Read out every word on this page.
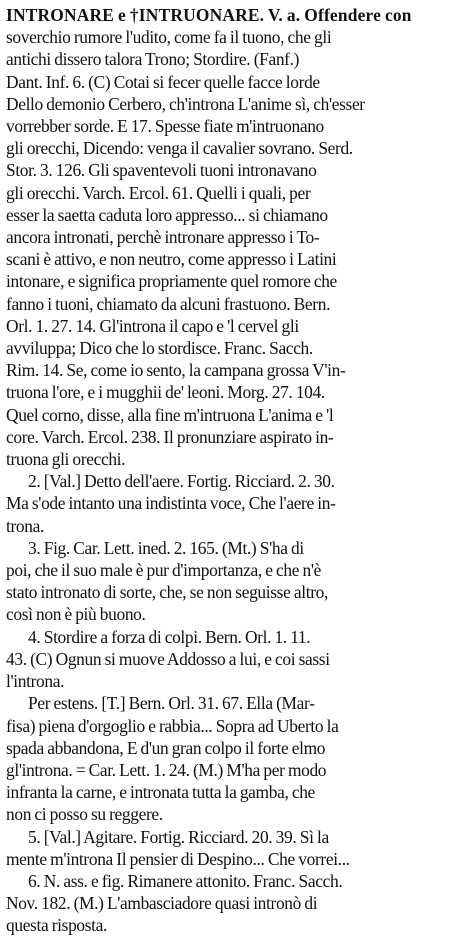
INTRONARE e †INTRUONARE. V. a. Offendere con
soverchio rumore l'udito, come fa il tuono, che gli
antichi dissero talora Trono; Stordire. (Fanf.)
Dant. Inf. 6. (C) Cotai si fecer quelle facce lorde
Dello demonio Cerbero, ch'introna L'anime sì, ch'esser
vorrebber sorde. E 17. Spesse fiate m'intruonano
gli orecchi, Dicendo: venga il cavalier sovrano. Serd.
Stor. 3. 126. Gli spaventevoli tuoni intronavano
gli orecchi. Varch. Ercol. 61. Quelli i quali, per
esser la saetta caduta loro appresso... si chiamano
ancora intronati, perchè intronare appresso i To-
scani è attivo, e non neutro, come appresso i Latini
intonare, e significa propriamente quel romore che
fanno i tuoni, chiamato da alcuni frastuono. Bern.
Orl. 1. 27. 14. Gl'introna il capo e 'l cervel gli
avviluppa; Dico che lo stordisce. Franc. Sacch.
Rim. 14. Se, come io sento, la campana grossa V'in-
truona l'ore, e i mugghii de' leoni. Morg. 27. 104.
Quel corno, disse, alla fine m'intruona L'anima e 'l
core. Varch. Ercol. 238. Il pronunziare aspirato in-
truona gli orecchi.
2. [Val.] Detto dell'aere. Fortig. Ricciard. 2. 30.
Ma s'ode intanto una indistinta voce, Che l'aere in-
trona.
3. Fig. Car. Lett. ined. 2. 165. (Mt.) S'ha di
poi, che il suo male è pur d'importanza, e che n'è
stato intronato di sorte, che, se non seguisse altro,
così non è più buono.
4. Stordire a forza di colpi. Bern. Orl. 1. 11.
43. (C) Ognun si muove Addosso a lui, e coi sassi
l'introna.
Per estens. [T.] Bern. Orl. 31. 67. Ella (Mar-
fisa) piena d'orgoglio e rabbia... Sopra ad Uberto la
spada abbandona, E d'un gran colpo il forte elmo
gl'introna. = Car. Lett. 1. 24. (M.) M'ha per modo
infranta la carne, e intronata tutta la gamba, che
non ci posso su reggere.
5. [Val.] Agitare. Fortig. Ricciard. 20. 39. Sì la
mente m'introna Il pensier di Despino... Che vorrei...
6. N. ass. e fig. Rimanere attonito. Franc. Sacch.
Nov. 182. (M.) L'ambasciadore quasi intronò di
questa risposta.
